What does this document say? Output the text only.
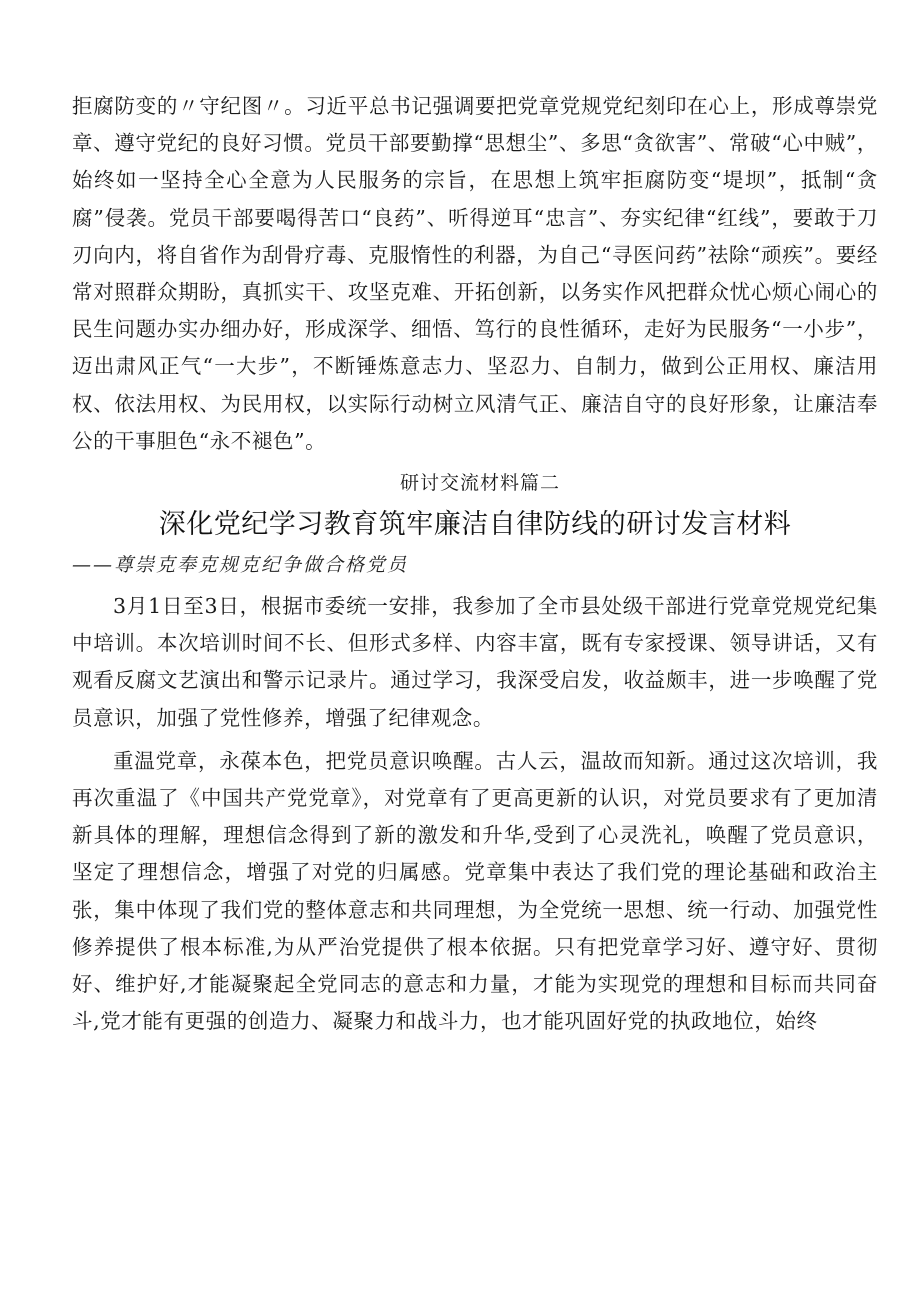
拒腐防变的〃守纪图〃。习近平总书记强调要把党章党规党纪刻印在心上，形成尊崇党章、遵守党纪的良好习惯。党员干部要勤撑“思想尘”、多思“贪欲害”、常破“心中贼”，始终如一坚持全心全意为人民服务的宗旨，在思想上筑牢拒腐防变“堤坝”，抵制“贪腐”侵袭。党员干部要喝得苦口“良药”、听得逆耳“忠言”、夯实纪律“红线”，要敢于刀刃向内，将自省作为刮骨疗毒、克服惰性的利器，为自己“寻医问药”祛除“顽疾”。要经常对照群众期盼，真抓实干、攻坚克难、开拓创新，以务实作风把群众忧心烦心闹心的民生问题办实办细办好，形成深学、细悟、笃行的良性循环，走好为民服务“一小步”，迈出肃风正气“一大步”，不断锤炼意志力、坚忍力、自制力，做到公正用权、廉洁用权、依法用权、为民用权，以实际行动树立风清气正、廉洁自守的良好形象，让廉洁奉公的干事胆色“永不褪色”。

研讨交流材料篇二
深化党纪学习教育筑牢廉洁自律防线的研讨发言材料
——尊崇克奉克规克纪争做合格党员

3月1日至3日，根据市委统一安排，我参加了全市县处级干部进行党章党规党纪集中培训。本次培训时间不长、但形式多样、内容丰富，既有专家授课、领导讲话，又有观看反腐文艺演出和警示记录片。通过学习，我深受启发，收益颇丰，进一步唤醒了党员意识，加强了党性修养，增强了纪律观念。

重温党章，永葆本色，把党员意识唤醒。古人云，温故而知新。通过这次培训，我再次重温了《中国共产党党章》，对党章有了更高更新的认识，对党员要求有了更加清新具体的理解，理想信念得到了新的激发和升华,受到了心灵洗礼，唤醒了党员意识，坚定了理想信念，增强了对党的归属感。党章集中表达了我们党的理论基础和政治主张，集中体现了我们党的整体意志和共同理想，为全党统一思想、统一行动、加强党性修养提供了根本标准,为从严治党提供了根本依据。只有把党章学习好、遵守好、贯彻好、维护好,才能凝聚起全党同志的意志和力量，才能为实现党的理想和目标而共同奋斗,党才能有更强的创造力、凝聚力和战斗力，也才能巩固好党的执政地位，始终
